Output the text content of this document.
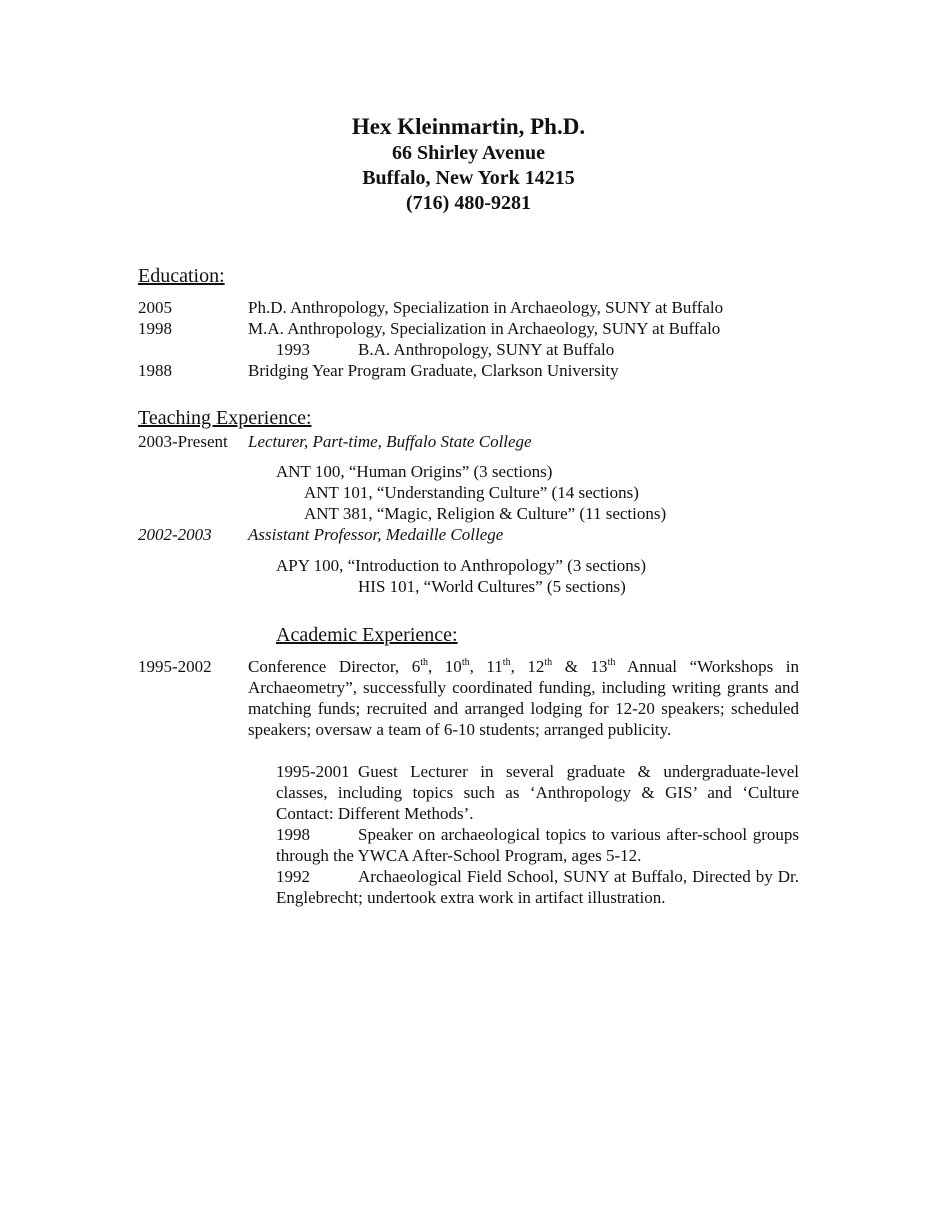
Hex Kleinmartin, Ph.D.
66 Shirley Avenue
Buffalo, New York 14215
(716) 480-9281
Education:
2005	Ph.D. Anthropology, Specialization in Archaeology, SUNY at Buffalo
1998	M.A. Anthropology, Specialization in Archaeology, SUNY at Buffalo
1993	B.A. Anthropology, SUNY at Buffalo
1988	Bridging Year Program Graduate, Clarkson University
Teaching Experience:
2003-Present Lecturer, Part-time, Buffalo State College
ANT 100, “Human Origins” (3 sections)
ANT 101, “Understanding Culture” (14 sections)
ANT 381, “Magic, Religion & Culture” (11 sections)
2002-2003 Assistant Professor, Medaille College
APY 100, “Introduction to Anthropology” (3 sections)
HIS 101, “World Cultures” (5 sections)
Academic Experience:
1995-2002 Conference Director, 6th, 10th, 11th, 12th & 13th Annual “Workshops in Archaeometry”, successfully coordinated funding, including writing grants and matching funds; recruited and arranged lodging for 12-20 speakers; scheduled speakers; oversaw a team of 6-10 students; arranged publicity.
1995-2001 Guest Lecturer in several graduate & undergraduate-level classes, including topics such as ‘Anthropology & GIS’ and ‘Culture Contact: Different Methods’.
1998	Speaker on archaeological topics to various after-school groups through the YWCA After-School Program, ages 5-12.
1992	Archaeological Field School, SUNY at Buffalo, Directed by Dr. Englebrecht; undertook extra work in artifact illustration.
